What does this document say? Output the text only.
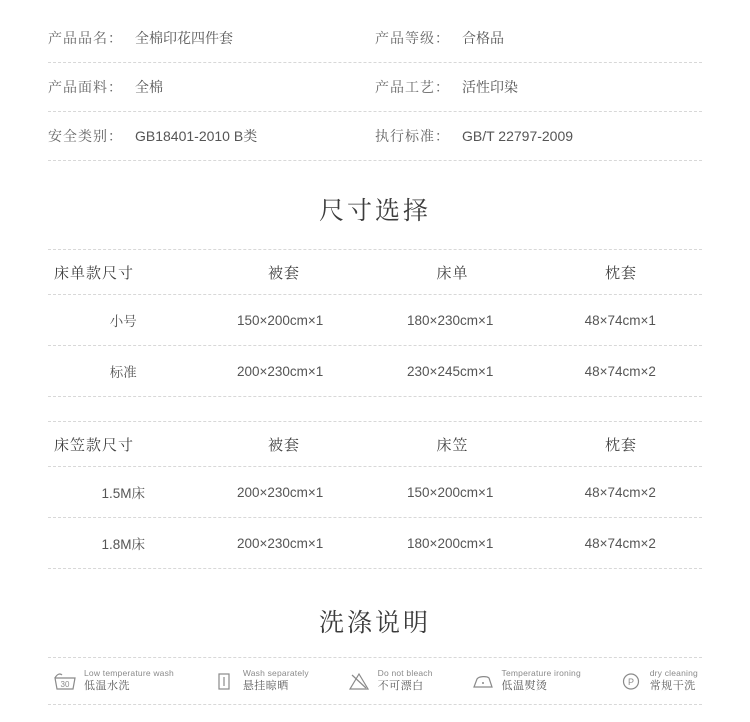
产品品名： 全棉印花四件套	产品等级： 合格品
产品面料： 全棉	产品工艺： 活性印染
安全类别： GB18401-2010 B类	执行标准： GB/T 22797-2009
尺寸选择
床单款尺寸	被套	床单	枕套
小号	150×200cm×1	180×230cm×1	48×74cm×1
标准	200×230cm×1	230×245cm×1	48×74cm×2
床笠款尺寸	被套	床笠	枕套
1.5M床	200×230cm×1	150×200cm×1	48×74cm×2
1.8M床	200×230cm×1	180×200cm×1	48×74cm×2
洗涤说明
30
Low temperature wash
低温水洗
Wash separately
悬挂晾晒
Do not bleach
不可漂白
Temperature ironing
低温熨烫	P
dry cleaning
常规干洗
